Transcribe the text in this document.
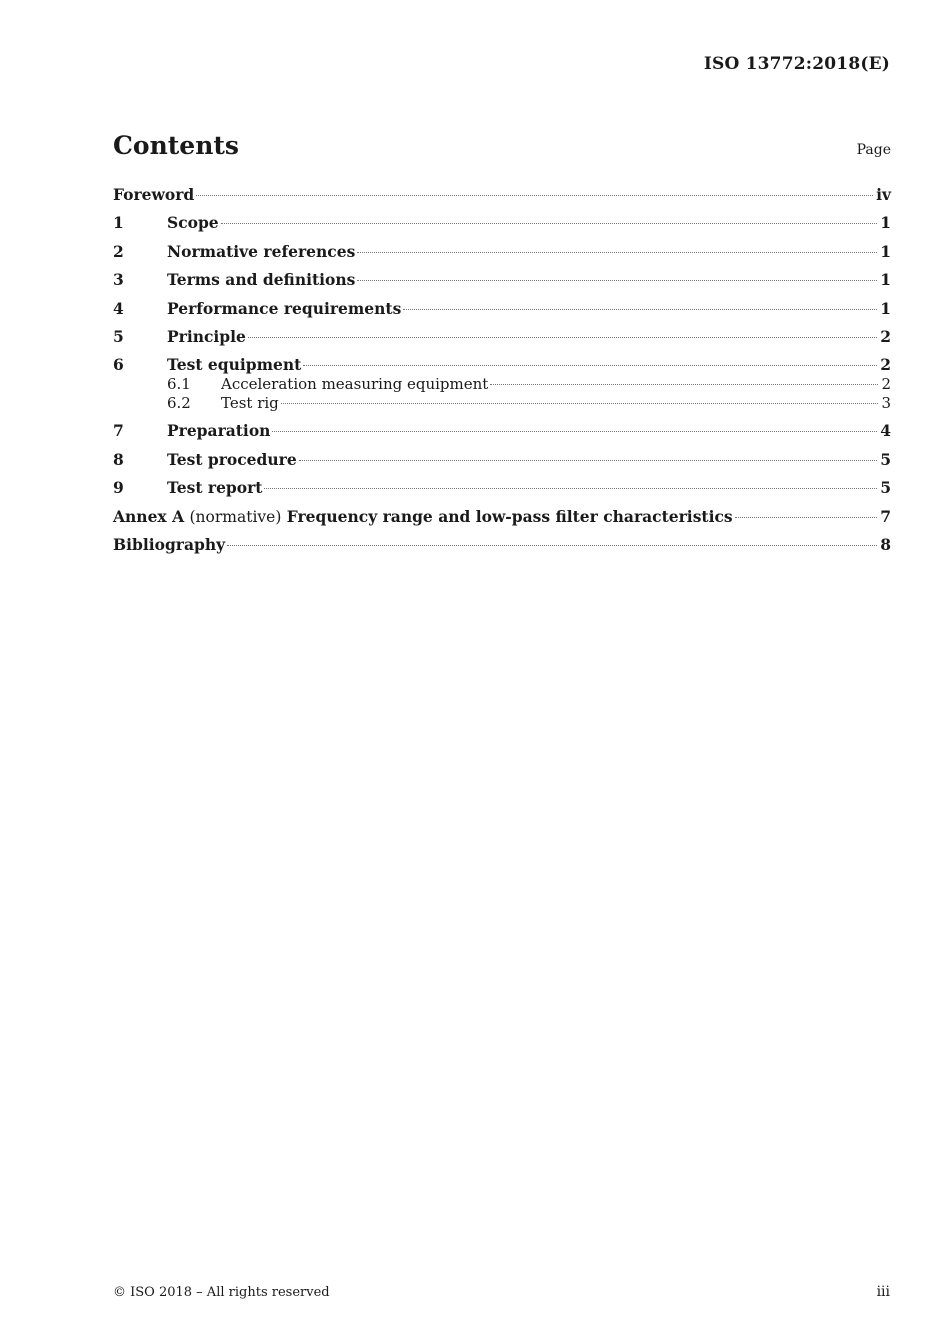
ISO 13772:2018(E)
Contents	Page
Foreword	iv
1	Scope	1
2	Normative references	1
3	Terms and definitions	1
4	Performance requirements	1
5	Principle	2
6	Test equipment	2
6.1	Acceleration measuring equipment	2
6.2	Test rig	3
7	Preparation	4
8	Test procedure	5
9	Test report	5
Annex A (normative) Frequency range and low-pass filter characteristics	7
Bibliography	8
© ISO 2018 – All rights reserved	iii
